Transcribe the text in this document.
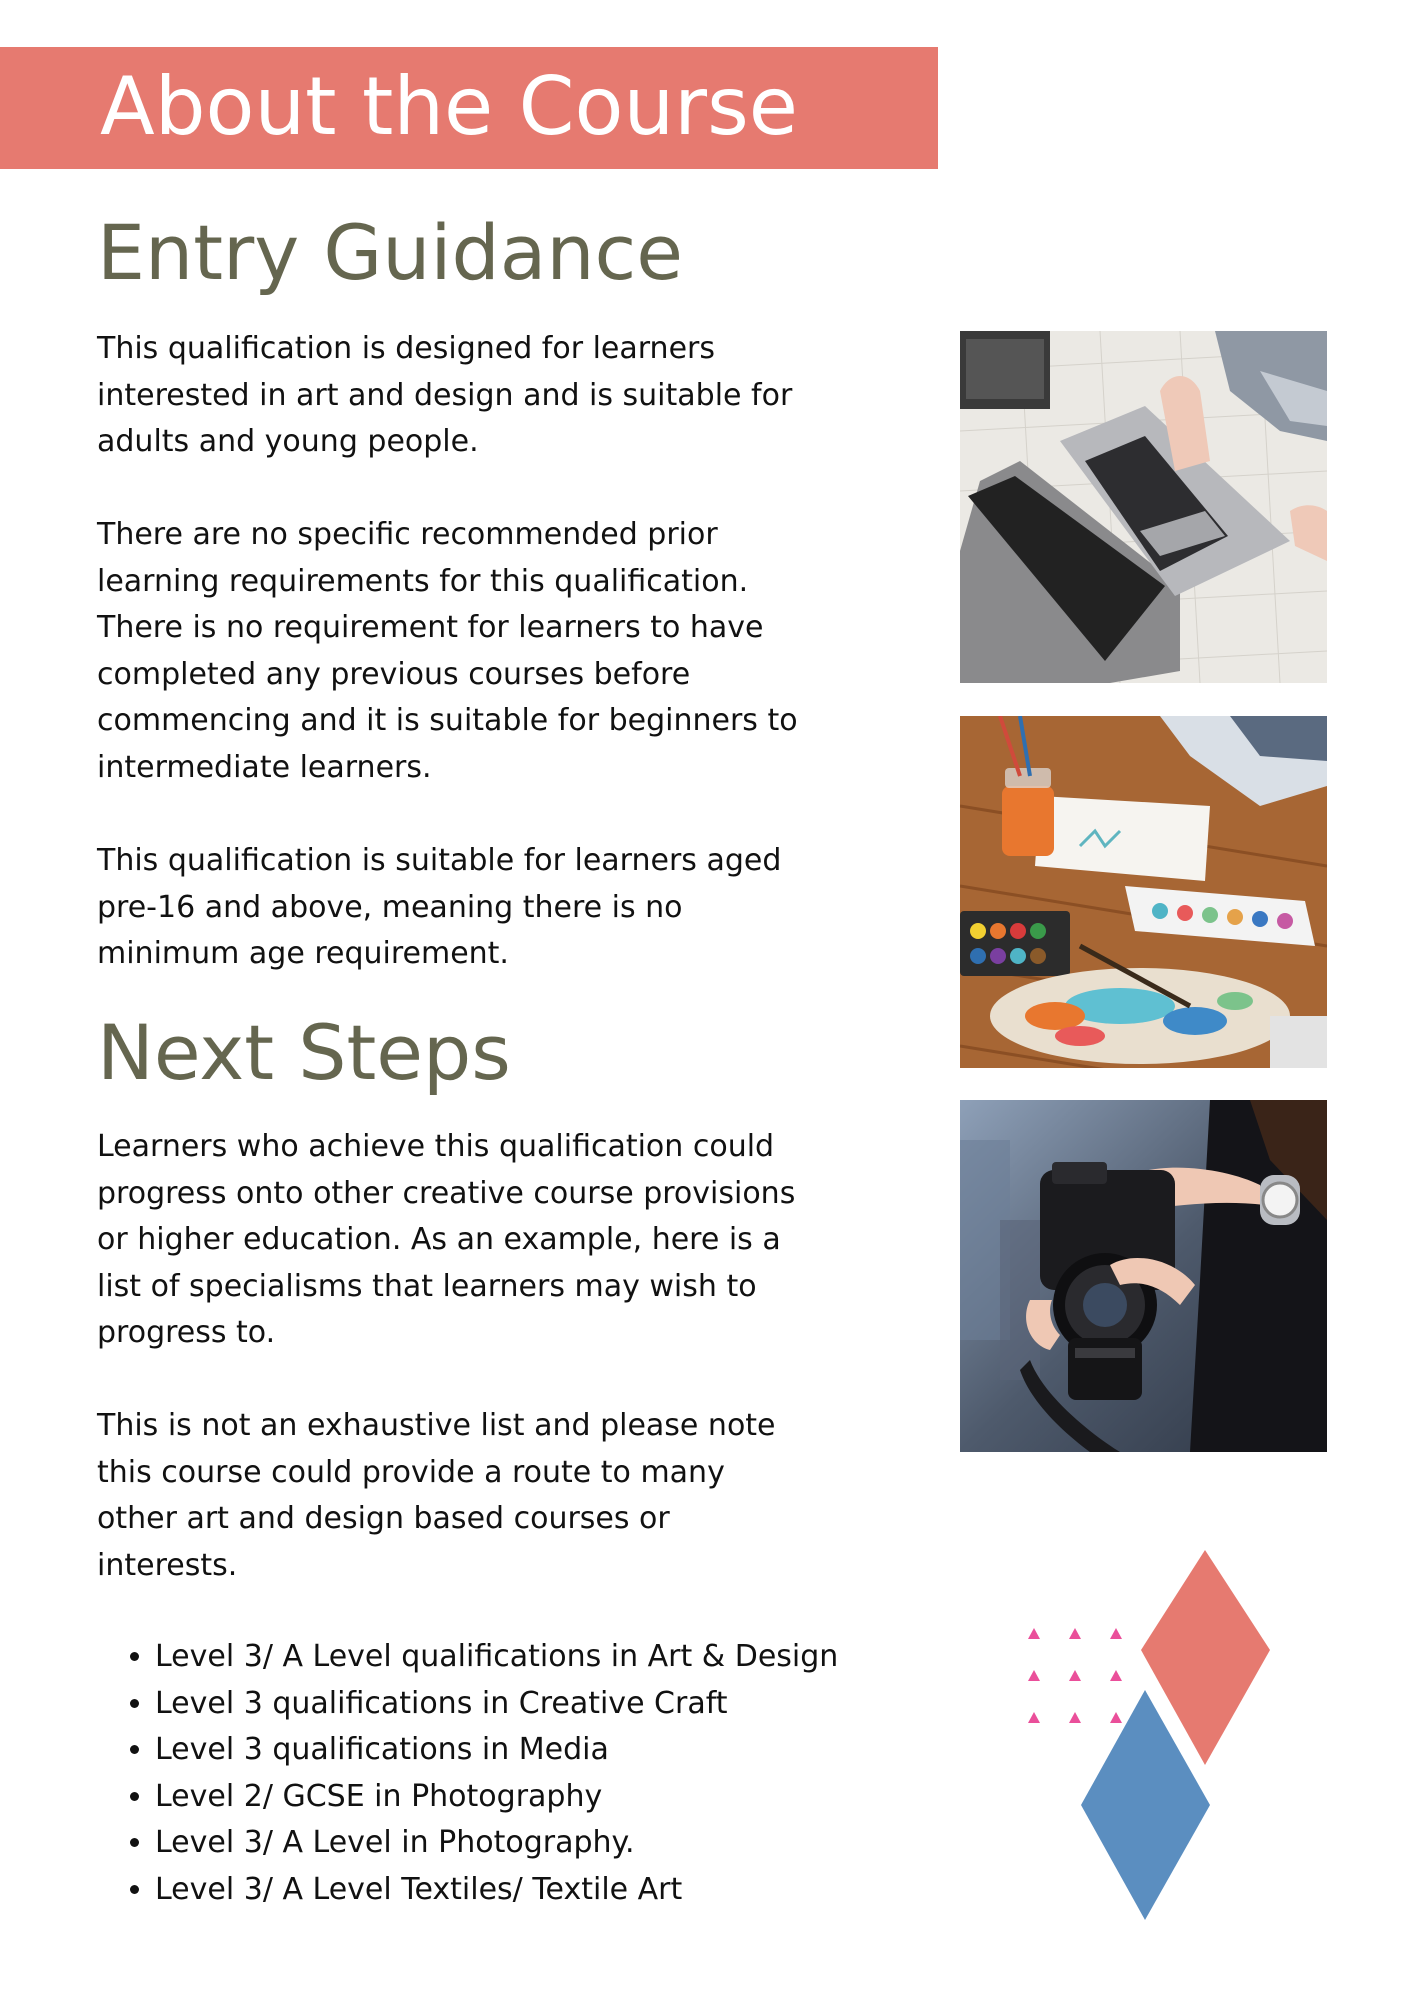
About the Course
Entry Guidance

This qualification is designed for learners
interested in art and design and is suitable for
adults and young people.

There are no specific recommended prior
learning requirements for this qualification.
There is no requirement for learners to have
completed any previous courses before
commencing and it is suitable for beginners to
intermediate learners.

This qualification is suitable for learners aged
pre-16 and above, meaning there is no
minimum age requirement.

Next Steps

Learners who achieve this qualification could
progress onto other creative course provisions
or higher education. As an example, here is a
list of specialisms that learners may wish to
progress to.

This is not an exhaustive list and please note
this course could provide a route to many
other art and design based courses or
interests.

• Level 3/ A Level qualifications in Art & Design
• Level 3 qualifications in Creative Craft
• Level 3 qualifications in Media
• Level 2/ GCSE in Photography
• Level 3/ A Level in Photography.
• Level 3/ A Level Textiles/ Textile Art
